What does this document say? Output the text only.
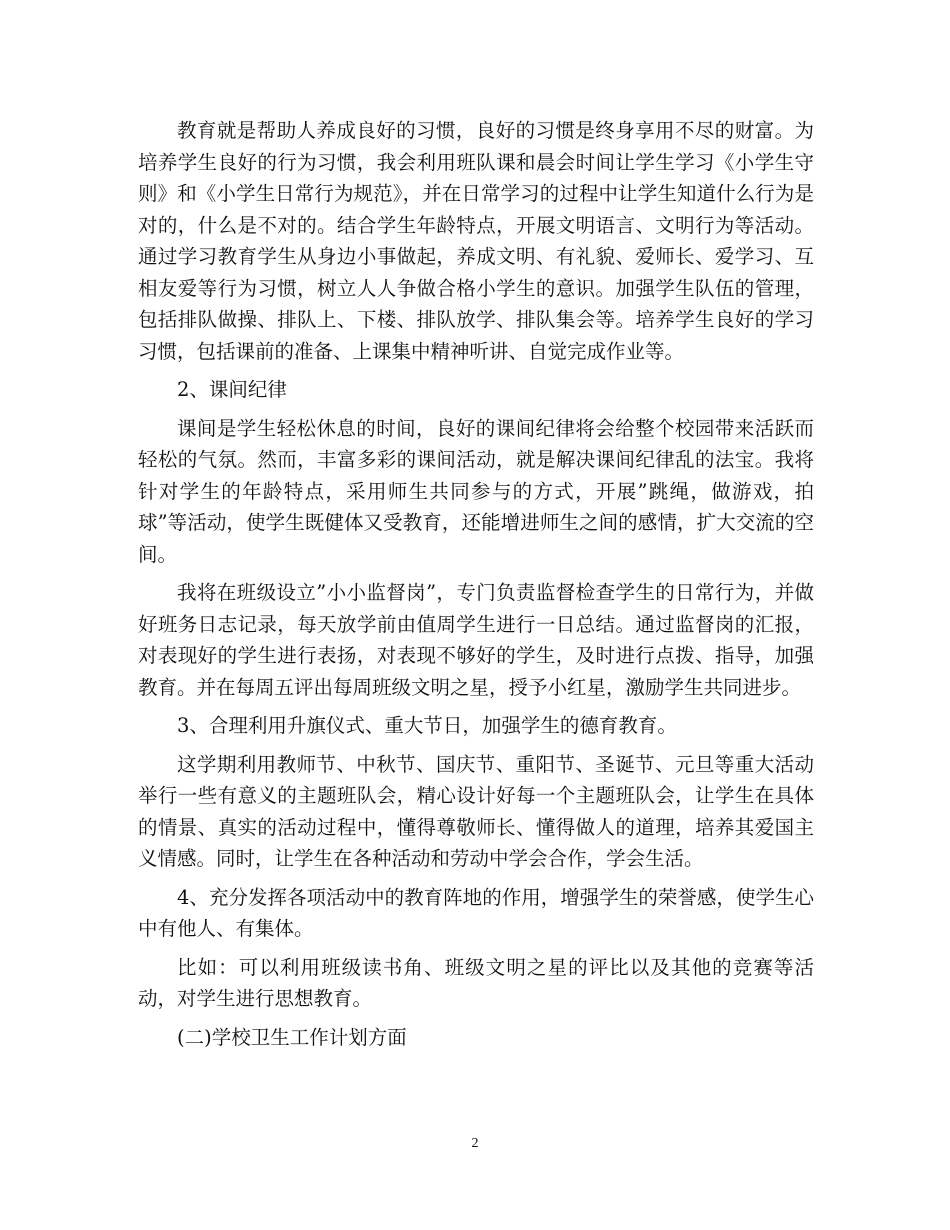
教育就是帮助人养成良好的习惯，良好的习惯是终身享用不尽的财富。为培养学生良好的行为习惯，我会利用班队课和晨会时间让学生学习《小学生守则》和《小学生日常行为规范》，并在日常学习的过程中让学生知道什么行为是对的，什么是不对的。结合学生年龄特点，开展文明语言、文明行为等活动。通过学习教育学生从身边小事做起，养成文明、有礼貌、爱师长、爱学习、互相友爱等行为习惯，树立人人争做合格小学生的意识。加强学生队伍的管理，包括排队做操、排队上、下楼、排队放学、排队集会等。培养学生良好的学习习惯，包括课前的准备、上课集中精神听讲、自觉完成作业等。

2、课间纪律

课间是学生轻松休息的时间，良好的课间纪律将会给整个校园带来活跃而轻松的气氛。然而，丰富多彩的课间活动，就是解决课间纪律乱的法宝。我将针对学生的年龄特点，采用师生共同参与的方式，开展”跳绳，做游戏，拍球”等活动，使学生既健体又受教育，还能增进师生之间的感情，扩大交流的空间。

我将在班级设立”小小监督岗”，专门负责监督检查学生的日常行为，并做好班务日志记录，每天放学前由值周学生进行一日总结。通过监督岗的汇报，对表现好的学生进行表扬，对表现不够好的学生，及时进行点拨、指导，加强教育。并在每周五评出每周班级文明之星，授予小红星，激励学生共同进步。

3、合理利用升旗仪式、重大节日，加强学生的德育教育。

这学期利用教师节、中秋节、国庆节、重阳节、圣诞节、元旦等重大活动举行一些有意义的主题班队会，精心设计好每一个主题班队会，让学生在具体的情景、真实的活动过程中，懂得尊敬师长、懂得做人的道理，培养其爱国主义情感。同时，让学生在各种活动和劳动中学会合作，学会生活。

4、充分发挥各项活动中的教育阵地的作用，增强学生的荣誉感，使学生心中有他人、有集体。

比如：可以利用班级读书角、班级文明之星的评比以及其他的竞赛等活动，对学生进行思想教育。

(二)学校卫生工作计划方面

2
